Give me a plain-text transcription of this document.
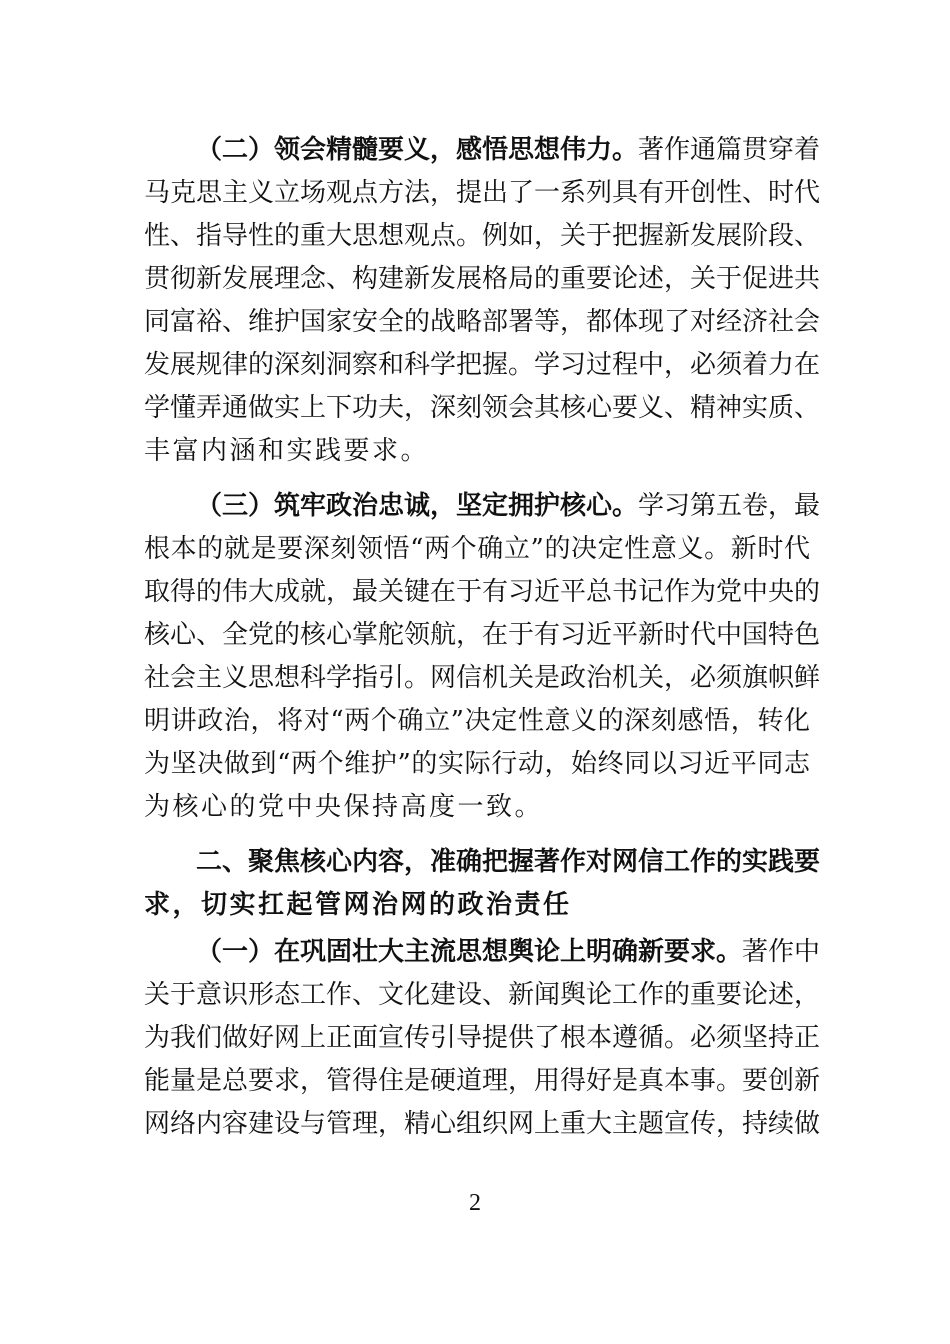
（二）领会精髓要义，感悟思想伟力。著作通篇贯穿着
马克思主义立场观点方法，提出了一系列具有开创性、时代
性、指导性的重大思想观点。例如，关于把握新发展阶段、
贯彻新发展理念、构建新发展格局的重要论述，关于促进共
同富裕、维护国家安全的战略部署等，都体现了对经济社会
发展规律的深刻洞察和科学把握。学习过程中，必须着力在
学懂弄通做实上下功夫，深刻领会其核心要义、精神实质、
丰富内涵和实践要求。
（三）筑牢政治忠诚，坚定拥护核心。学习第五卷，最
根本的就是要深刻领悟“两个确立”的决定性意义。新时代
取得的伟大成就，最关键在于有习近平总书记作为党中央的
核心、全党的核心掌舵领航，在于有习近平新时代中国特色
社会主义思想科学指引。网信机关是政治机关，必须旗帜鲜
明讲政治，将对“两个确立”决定性意义的深刻感悟，转化
为坚决做到“两个维护”的实际行动，始终同以习近平同志
为核心的党中央保持高度一致。
二、聚焦核心内容，准确把握著作对网信工作的实践要
求，切实扛起管网治网的政治责任
（一）在巩固壮大主流思想舆论上明确新要求。著作中
关于意识形态工作、文化建设、新闻舆论工作的重要论述，
为我们做好网上正面宣传引导提供了根本遵循。必须坚持正
能量是总要求，管得住是硬道理，用得好是真本事。要创新
网络内容建设与管理，精心组织网上重大主题宣传，持续做
2
